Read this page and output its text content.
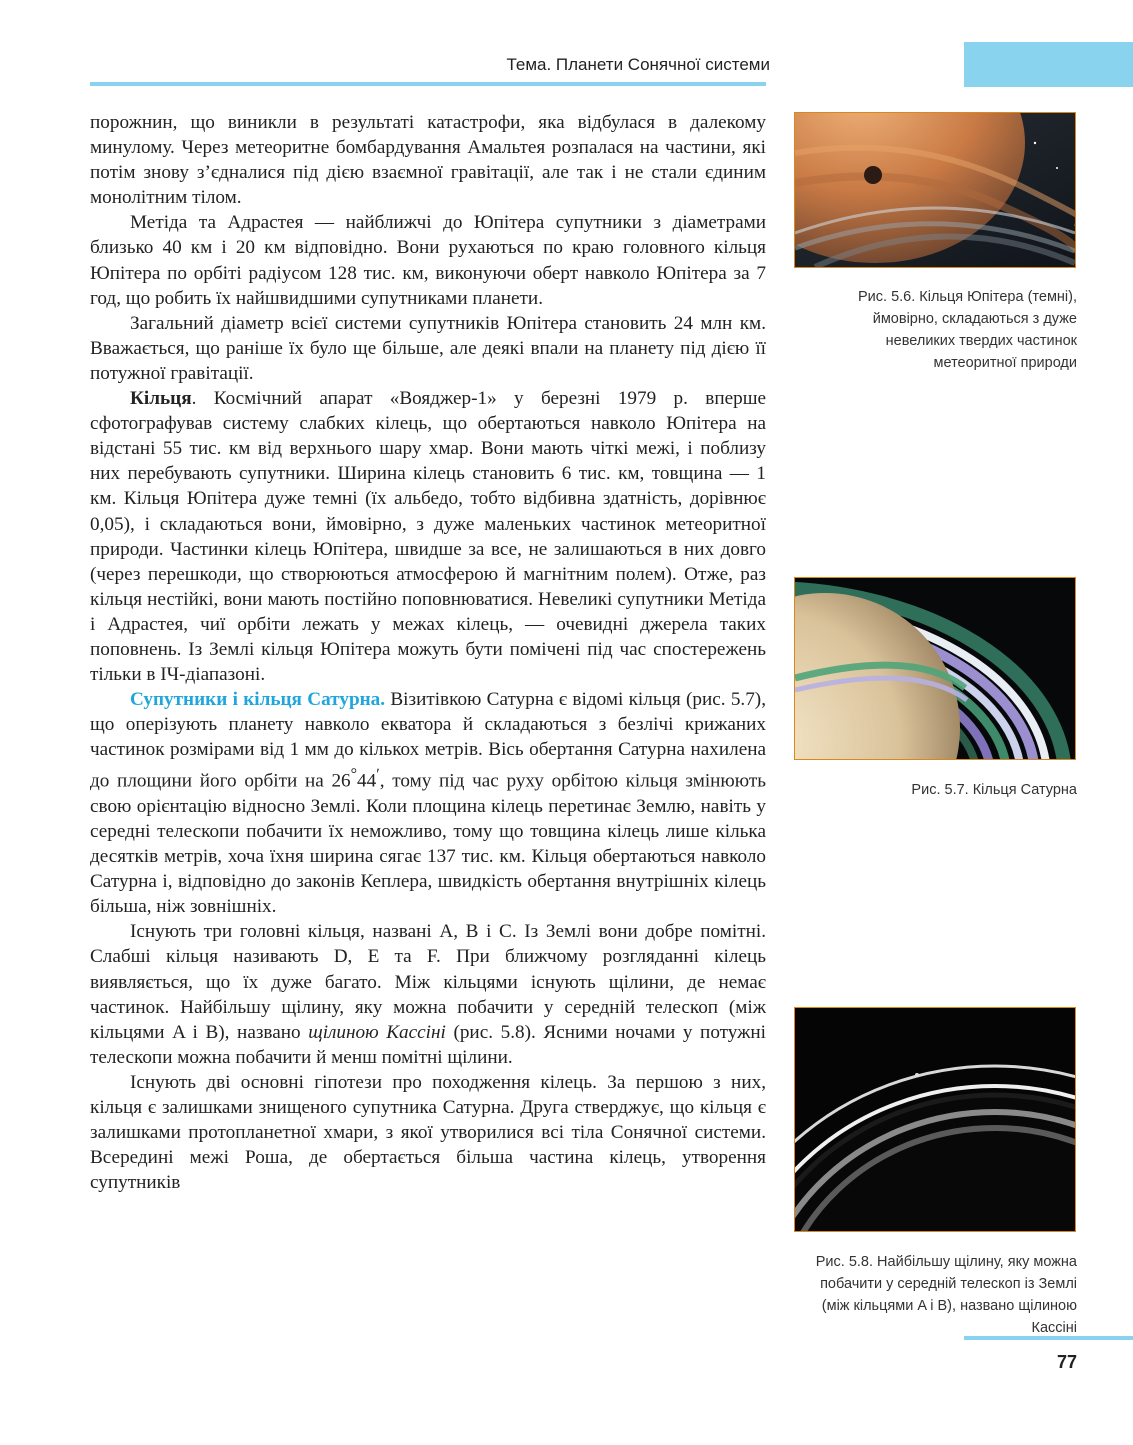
Тема. Планети Сонячної системи

порожнин, що виникли в результаті катастрофи, яка відбулася в далекому минулому. Через метеоритне бомбардування Амальтея розпалася на частини, які потім знову з’єдналися під дією взаємної гравітації, але так і не стали єдиним монолітним тілом.

Метіда та Адрастея — найближчі до Юпітера супутники з діаметрами близько 40 км і 20 км відповідно. Вони рухаються по краю головного кільця Юпітера по орбіті радіусом 128 тис. км, виконуючи оберт навколо Юпітера за 7 год, що робить їх найшвидшими супутниками планети.

Загальний діаметр всієї системи супутників Юпітера становить 24 млн км. Вважається, що раніше їх було ще більше, але деякі впали на планету під дією її потужної гравітації.

Кільця. Космічний апарат «Вояджер-1» у березні 1979 р. вперше сфотографував систему слабких кілець, що обертаються навколо Юпітера на відстані 55 тис. км від верхнього шару хмар. Вони мають чіткі межі, і поблизу них перебувають супутники. Ширина кілець становить 6 тис. км, товщина — 1 км. Кільця Юпітера дуже темні (їх альбедо, тобто відбивна здатність, дорівнює 0,05), і складаються вони, ймовірно, з дуже маленьких частинок метеоритної природи. Частинки кілець Юпітера, швидше за все, не залишаються в них довго (через перешкоди, що створюються атмосферою й магнітним полем). Отже, раз кільця нестійкі, вони мають постійно поповнюватися. Невеликі супутники Метіда і Адрастея, чиї орбіти лежать у межах кілець, — очевидні джерела таких поповнень. Із Землі кільця Юпітера можуть бути помічені під час спостережень тільки в ІЧ-діапазоні.

Супутники і кільця Сатурна. Візитівкою Сатурна є відомі кільця (рис. 5.7), що оперізують планету навколо екватора й складаються з безлічі крижаних частинок розмірами від 1 мм до кількох метрів. Вісь обертання Сатурна нахилена до площини його орбіти на $26^\circ 44^ʹ$, тому під час руху орбітою кільця змінюють свою орієнтацію відносно Землі. Коли площина кілець перетинає Землю, навіть у середні телескопи побачити їх неможливо, тому що товщина кілець лише кілька десятків метрів, хоча їхня ширина сягає 137 тис. км. Кільця обертаються навколо Сатурна і, відповідно до законів Кеплера, швидкість обертання внутрішніх кілець більша, ніж зовнішніх.

Існують три головні кільця, названі A, B і C. Із Землі вони добре помітні. Слабші кільця називають D, E та F. При ближчому розгляданні кілець виявляється, що їх дуже багато. Між кільцями існують щілини, де немає частинок. Найбільшу щілину, яку можна побачити у середній телескоп (між кільцями A і B), названо щілиною Кассіні (рис. 5.8). Ясними ночами у потужні телескопи можна побачити й менш помітні щілини.

Існують дві основні гіпотези про походження кілець. За першою з них, кільця є залишками знищеного супутника Сатурна. Друга стверджує, що кільця є залишками протопланетної хмари, з якої утворилися всі тіла Сонячної системи. Всередині межі Роша, де обертається більша частина кілець, утворення супутників

Рис. 5.6. Кільця Юпітера (темні), ймовірно, складаються з дуже невеликих твердих частинок метеоритної природи
Рис. 5.7. Кільця Сатурна
Рис. 5.8. Найбільшу щілину, яку можна побачити у середній телескоп із Землі (між кільцями A і B), названо щілиною Кассіні
77
